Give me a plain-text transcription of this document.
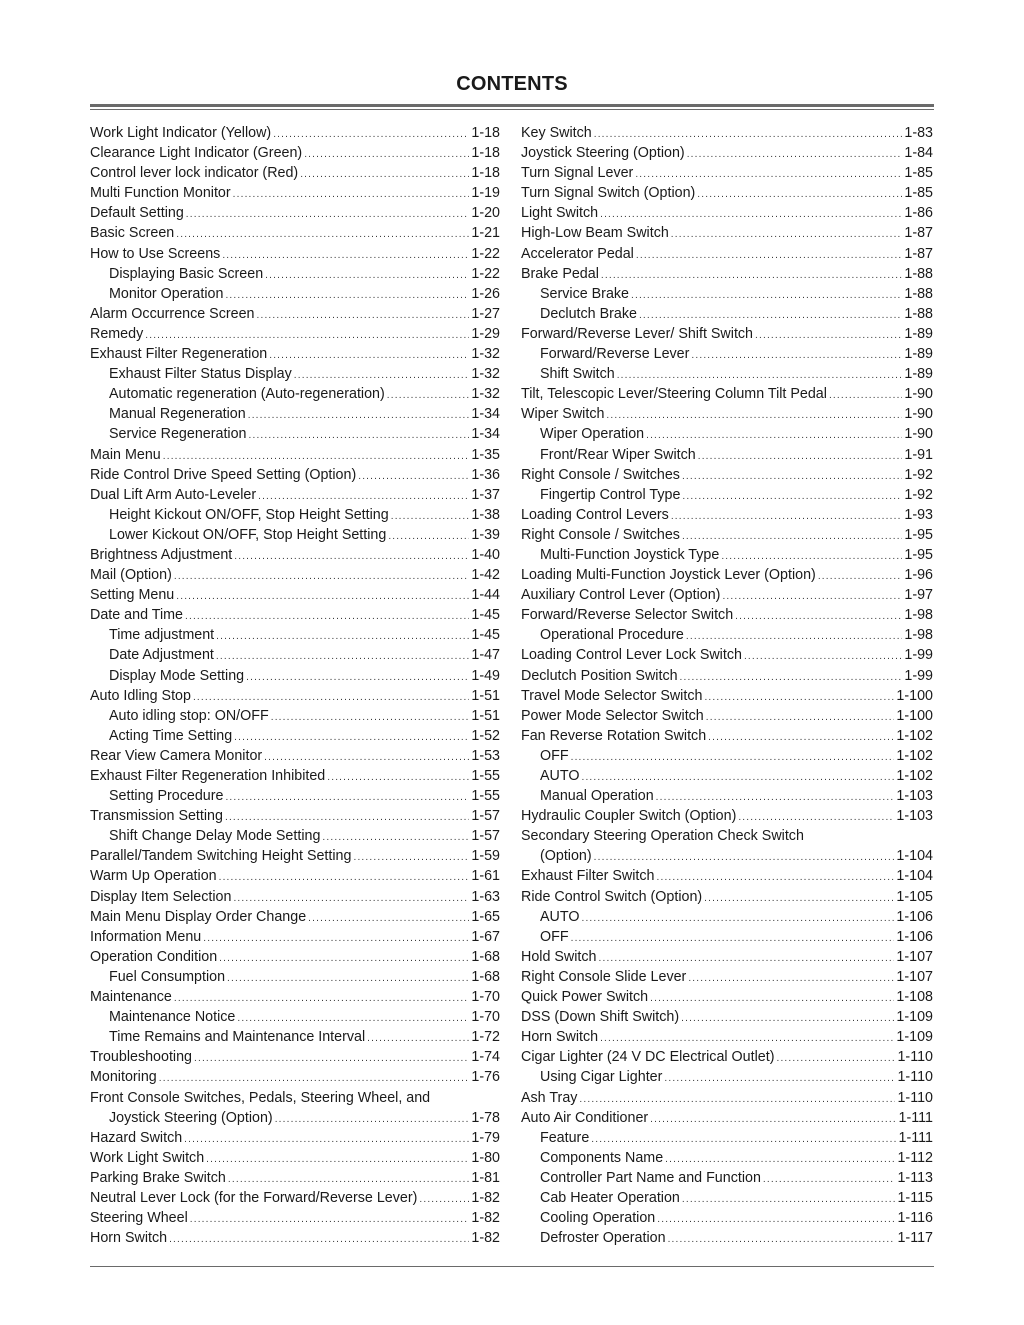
CONTENTS
Work Light Indicator (Yellow) .....	1-18
Clearance Light Indicator (Green) .....	1-18
Control lever lock indicator (Red) .....	1-18
Multi Function Monitor .....	1-19
Default Setting .....	1-20
Basic Screen .....	1-21
How to Use Screens .....	1-22
Displaying Basic Screen .....	1-22
Monitor Operation .....	1-26
Alarm Occurrence Screen .....	1-27
Remedy .....	1-29
Exhaust Filter Regeneration .....	1-32
Exhaust Filter Status Display .....	1-32
Automatic regeneration (Auto-regeneration) .....	1-32
Manual Regeneration .....	1-34
Service Regeneration .....	1-34
Main Menu .....	1-35
Ride Control Drive Speed Setting (Option) .....	1-36
Dual Lift Arm Auto-Leveler .....	1-37
Height Kickout ON/OFF, Stop Height Setting .....	1-38
Lower Kickout ON/OFF, Stop Height Setting .....	1-39
Brightness Adjustment .....	1-40
Mail (Option) .....	1-42
Setting Menu .....	1-44
Date and Time .....	1-45
Time adjustment .....	1-45
Date Adjustment .....	1-47
Display Mode Setting .....	1-49
Auto Idling Stop .....	1-51
Auto idling stop: ON/OFF .....	1-51
Acting Time Setting .....	1-52
Rear View Camera Monitor .....	1-53
Exhaust Filter Regeneration Inhibited .....	1-55
Setting Procedure .....	1-55
Transmission Setting .....	1-57
Shift Change Delay Mode Setting .....	1-57
Parallel/Tandem Switching Height Setting .....	1-59
Warm Up Operation .....	1-61
Display Item Selection .....	1-63
Main Menu Display Order Change .....	1-65
Information Menu .....	1-67
Operation Condition .....	1-68
Fuel Consumption .....	1-68
Maintenance .....	1-70
Maintenance Notice .....	1-70
Time Remains and Maintenance Interval .....	1-72
Troubleshooting .....	1-74
Monitoring .....	1-76
Front Console Switches, Pedals, Steering Wheel, and
Joystick Steering (Option) .....	1-78
Hazard Switch .....	1-79
Work Light Switch .....	1-80
Parking Brake Switch .....	1-81
Neutral Lever Lock (for the Forward/Reverse Lever) .....	1-82
Steering Wheel .....	1-82
Horn Switch .....	1-82
Key Switch .....	1-83
Joystick Steering (Option) .....	1-84
Turn Signal Lever .....	1-85
Turn Signal Switch (Option) .....	1-85
Light Switch .....	1-86
High-Low Beam Switch .....	1-87
Accelerator Pedal .....	1-87
Brake Pedal .....	1-88
Service Brake .....	1-88
Declutch Brake .....	1-88
Forward/Reverse Lever/ Shift Switch .....	1-89
Forward/Reverse Lever .....	1-89
Shift Switch .....	1-89
Tilt, Telescopic Lever/Steering Column Tilt Pedal .....	1-90
Wiper Switch .....	1-90
Wiper Operation .....	1-90
Front/Rear Wiper Switch .....	1-91
Right Console / Switches .....	1-92
Fingertip Control Type .....	1-92
Loading Control Levers .....	1-93
Right Console / Switches .....	1-95
Multi-Function Joystick Type .....	1-95
Loading Multi-Function Joystick Lever (Option) .....	1-96
Auxiliary Control Lever (Option) .....	1-97
Forward/Reverse Selector Switch .....	1-98
Operational Procedure .....	1-98
Loading Control Lever Lock Switch .....	1-99
Declutch Position Switch .....	1-99
Travel Mode Selector Switch .....	1-100
Power Mode Selector Switch .....	1-100
Fan Reverse Rotation Switch .....	1-102
OFF .....	1-102
AUTO .....	1-102
Manual Operation .....	1-103
Hydraulic Coupler Switch (Option) .....	1-103
Secondary Steering Operation Check Switch
(Option) .....	1-104
Exhaust Filter Switch .....	1-104
Ride Control Switch (Option) .....	1-105
AUTO .....	1-106
OFF .....	1-106
Hold Switch .....	1-107
Right Console Slide Lever .....	1-107
Quick Power Switch .....	1-108
DSS (Down Shift Switch) .....	1-109
Horn Switch .....	1-109
Cigar Lighter (24 V DC Electrical Outlet) .....	1-110
Using Cigar Lighter .....	1-110
Ash Tray .....	1-110
Auto Air Conditioner .....	1-111
Feature .....	1-111
Components Name .....	1-112
Controller Part Name and Function .....	1-113
Cab Heater Operation .....	1-115
Cooling Operation .....	1-116
Defroster Operation .....	1-117
